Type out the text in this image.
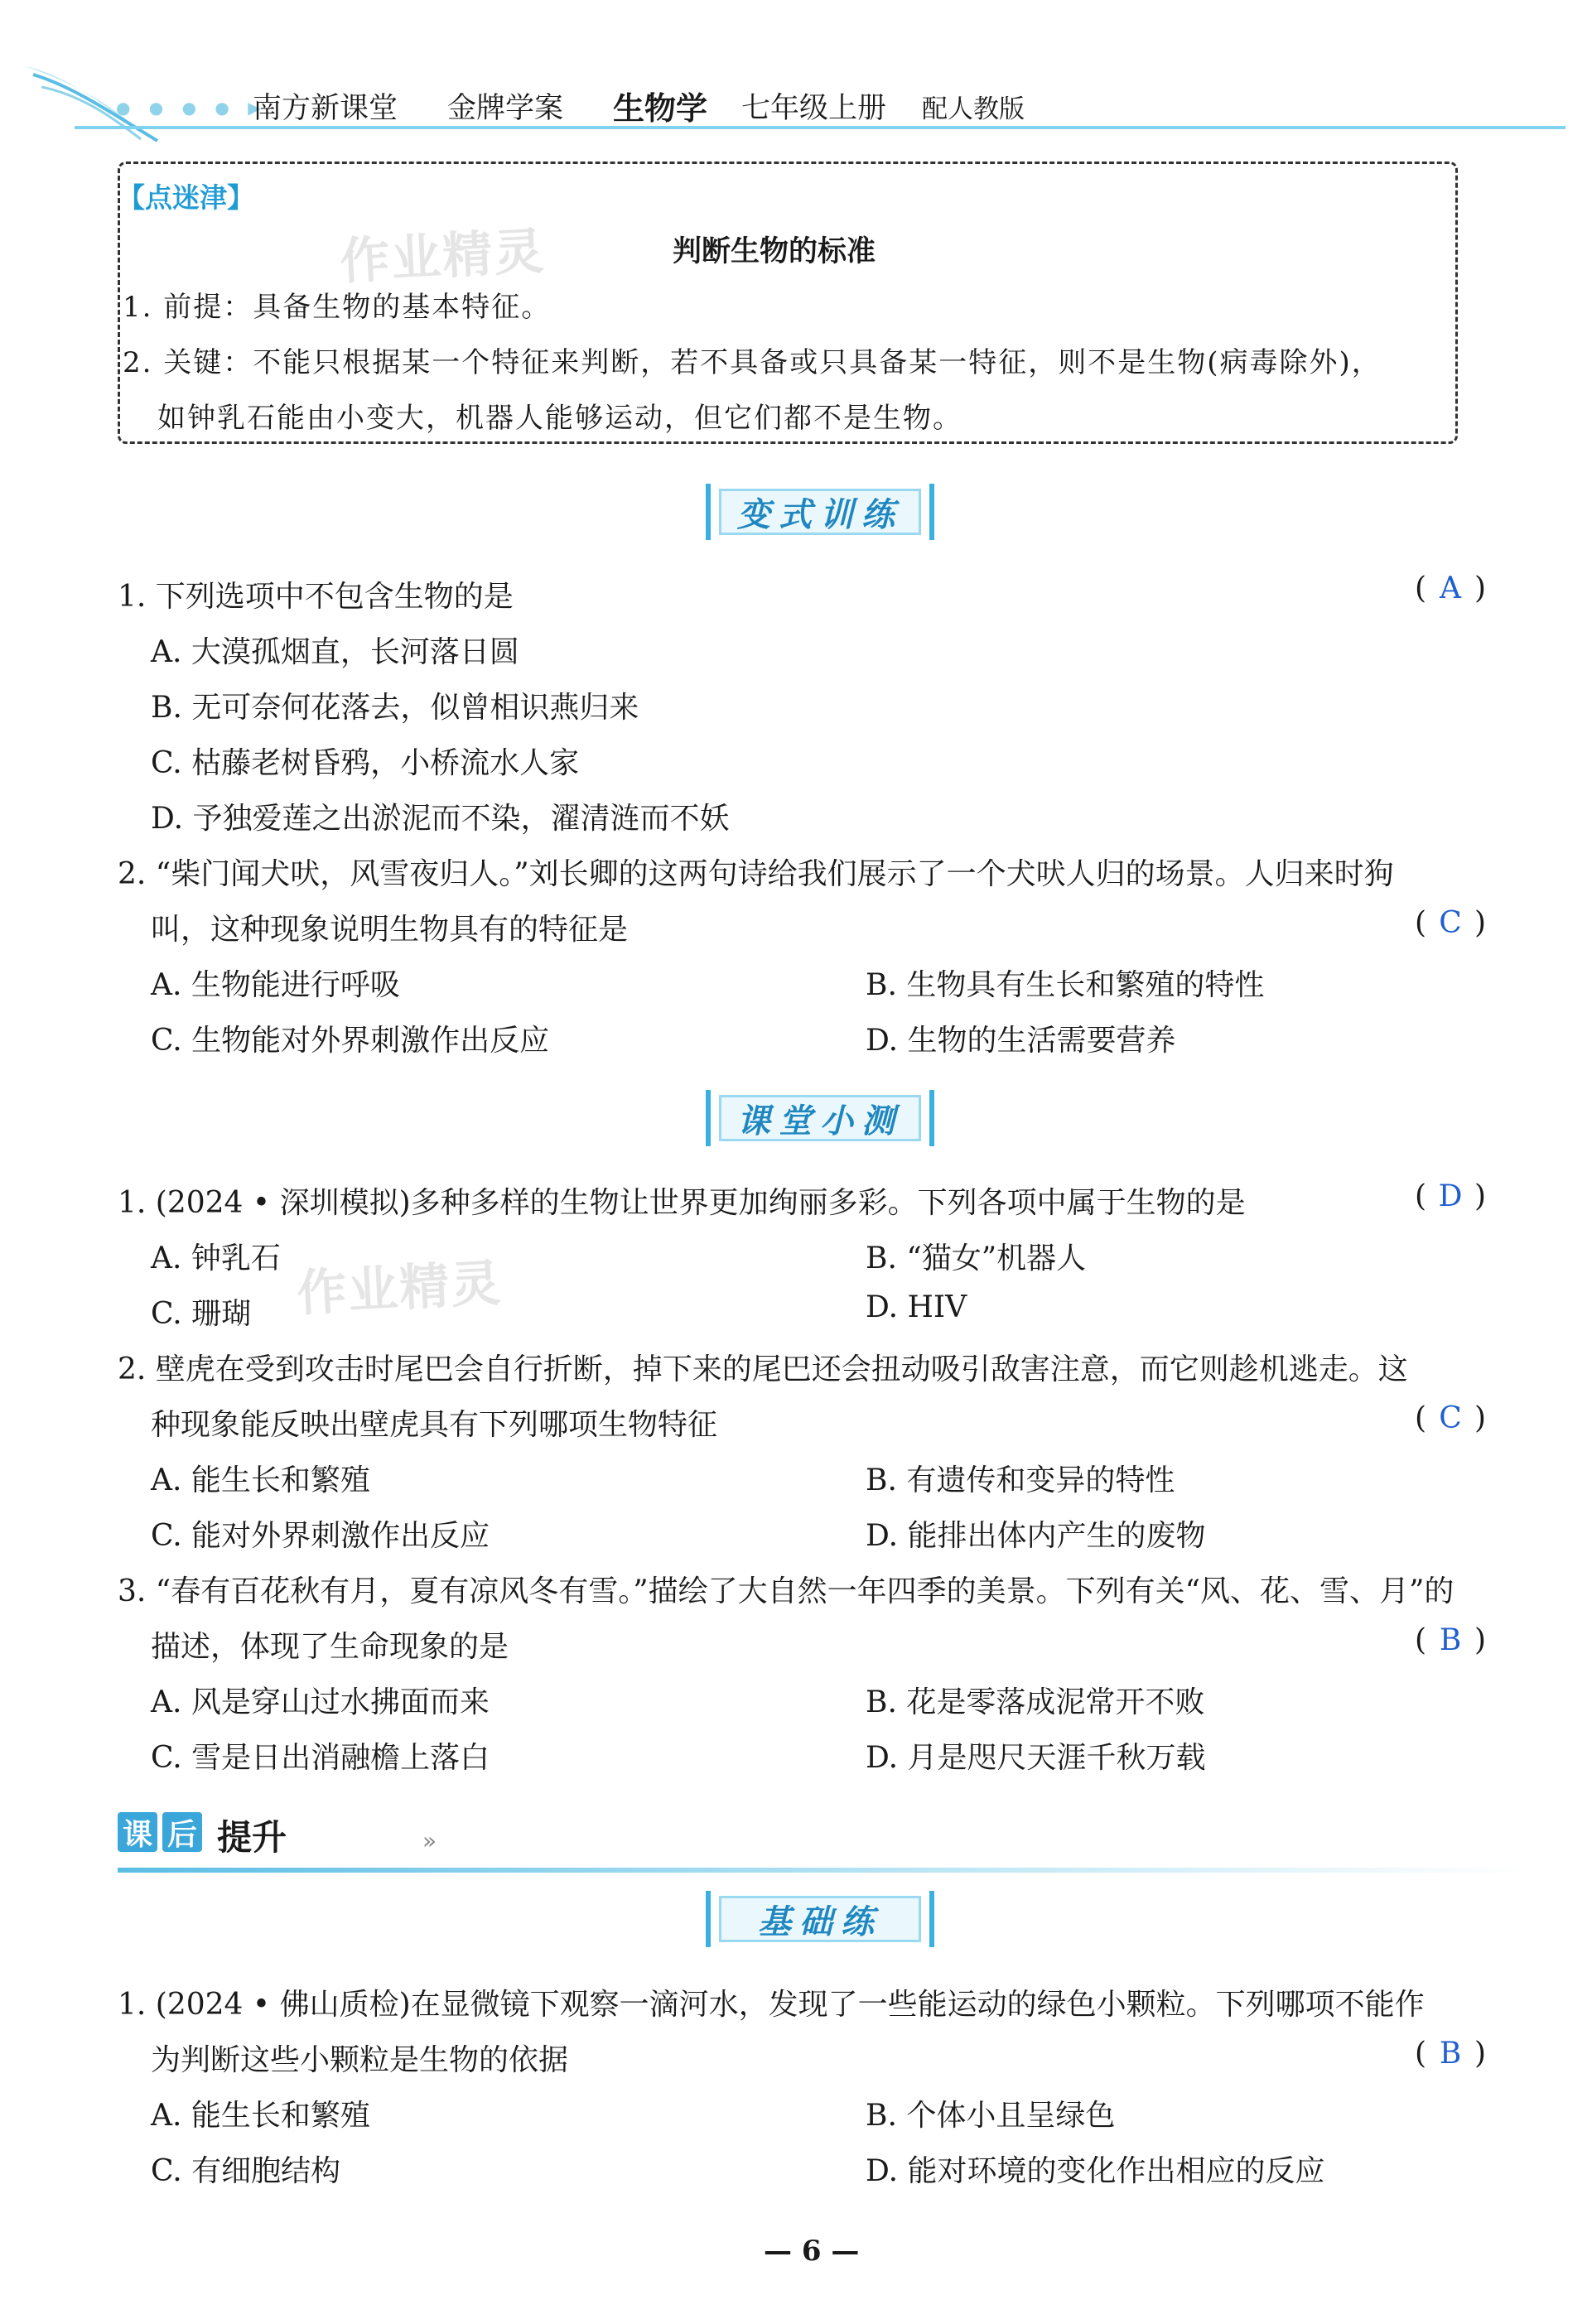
● ● ● ● ▶
南方新课堂 金牌学案 生物学 七年级上册 配人教版
【点迷津】
作业精灵	判断生物的标准
1. 前提：具备生物的基本特征。
2. 关键：不能只根据某一个特征来判断，若不具备或只具备某一特征，则不是生物(病毒除外)，
如钟乳石能由小变大，机器人能够运动，但它们都不是生物。
变式训练
1. 下列选项中不包含生物的是	( A )
A. 大漠孤烟直，长河落日圆
B. 无可奈何花落去，似曾相识燕归来
C. 枯藤老树昏鸦，小桥流水人家
D. 予独爱莲之出淤泥而不染，濯清涟而不妖
2. “柴门闻犬吠，风雪夜归人。”刘长卿的这两句诗给我们展示了一个犬吠人归的场景。人归来时狗
叫，这种现象说明生物具有的特征是	( C )
A. 生物能进行呼吸	B. 生物具有生长和繁殖的特性
C. 生物能对外界刺激作出反应	D. 生物的生活需要营养
课堂小测
1. (2024 • 深圳模拟)多种多样的生物让世界更加绚丽多彩。下列各项中属于生物的是	( D )
A. 钟乳石	B. “猫女”机器人
C. 珊瑚	D. HIV
作业精灵
2. 壁虎在受到攻击时尾巴会自行折断，掉下来的尾巴还会扭动吸引敌害注意，而它则趁机逃走。这
种现象能反映出壁虎具有下列哪项生物特征	( C )
A. 能生长和繁殖	B. 有遗传和变异的特性
C. 能对外界刺激作出反应	D. 能排出体内产生的废物
3. “春有百花秋有月，夏有凉风冬有雪。”描绘了大自然一年四季的美景。下列有关“风、花、雪、月”的
描述，体现了生命现象的是	( B )
A. 风是穿山过水拂面而来	B. 花是零落成泥常开不败
C. 雪是日出消融檐上落白	D. 月是咫尺天涯千秋万载
课 后 提升	»
基础练
1. (2024 • 佛山质检)在显微镜下观察一滴河水，发现了一些能运动的绿色小颗粒。下列哪项不能作
为判断这些小颗粒是生物的依据	( B )
A. 能生长和繁殖	B. 个体小且呈绿色
C. 有细胞结构	D. 能对环境的变化作出相应的反应
— 6 —
